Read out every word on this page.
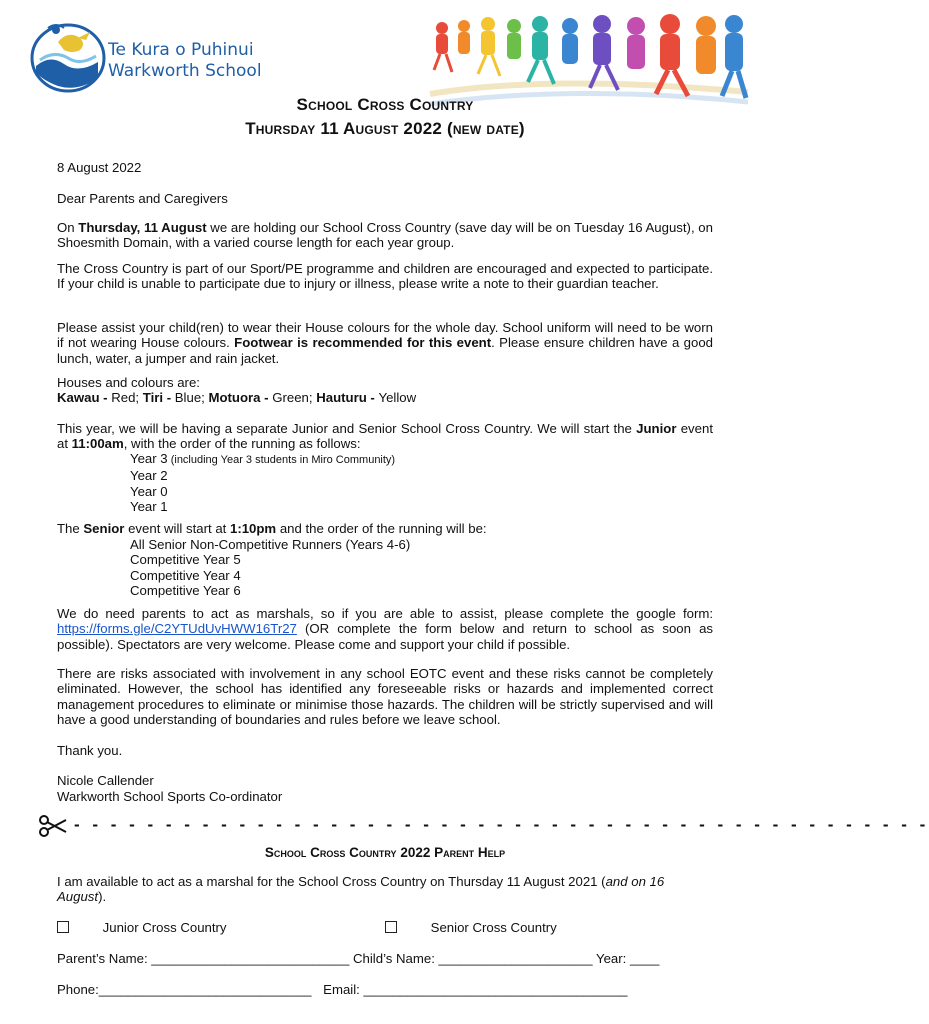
Te Kura o Puhinui
Warkworth School
School Cross Country
Thursday 11 August 2022 (new date)

8 August 2022

Dear Parents and Caregivers

On Thursday, 11 August we are holding our School Cross Country (save day will be on Tuesday 16 August), on Shoesmith Domain, with a varied course length for each year group.

The Cross Country is part of our Sport/PE programme and children are encouraged and expected to participate. If your child is unable to participate due to injury or illness, please write a note to their guardian teacher.

Please assist your child(ren) to wear their House colours for the whole day. School uniform will need to be worn if not wearing House colours. Footwear is recommended for this event. Please ensure children have a good lunch, water, a jumper and rain jacket.

Houses and colours are:

Kawau - Red; Tiri - Blue; Motuora - Green; Hauturu - Yellow

This year, we will be having a separate Junior and Senior School Cross Country. We will start the Junior event at 11:00am, with the order of the running as follows:

Year 3 (including Year 3 students in Miro Community)

Year 2

Year 0

Year 1

The Senior event will start at 1:10pm and the order of the running will be:

All Senior Non-Competitive Runners (Years 4-6)

Competitive Year 5

Competitive Year 4

Competitive Year 6

We do need parents to act as marshals, so if you are able to assist, please complete the google form: https://forms.gle/C2YTUdUvHWW16Tr27 (OR complete the form below and return to school as soon as possible). Spectators are very welcome. Please come and support your child if possible.

There are risks associated with involvement in any school EOTC event and these risks cannot be completely eliminated. However, the school has identified any foreseeable risks or hazards and implemented correct management procedures to eliminate or minimise those hazards. The children will be strictly supervised and will have a good understanding of boundaries and rules before we leave school.

Thank you.

Nicole Callender

Warkworth School Sports Co-ordinator

- - - - - - - - - - - - - - - - - - - - - - - - - - - - - - - - - - - - - - - - - - - - - - -
School Cross Country 2022 Parent Help

I am available to act as a marshal for the School Cross Country on Thursday 11 August 2021 (and on 16 August).

Junior Cross Country	Senior Cross Country
Parent’s Name: ___________________________ Child’s Name: _____________________ Year: ____
Phone:_____________________________ Email: ____________________________________
